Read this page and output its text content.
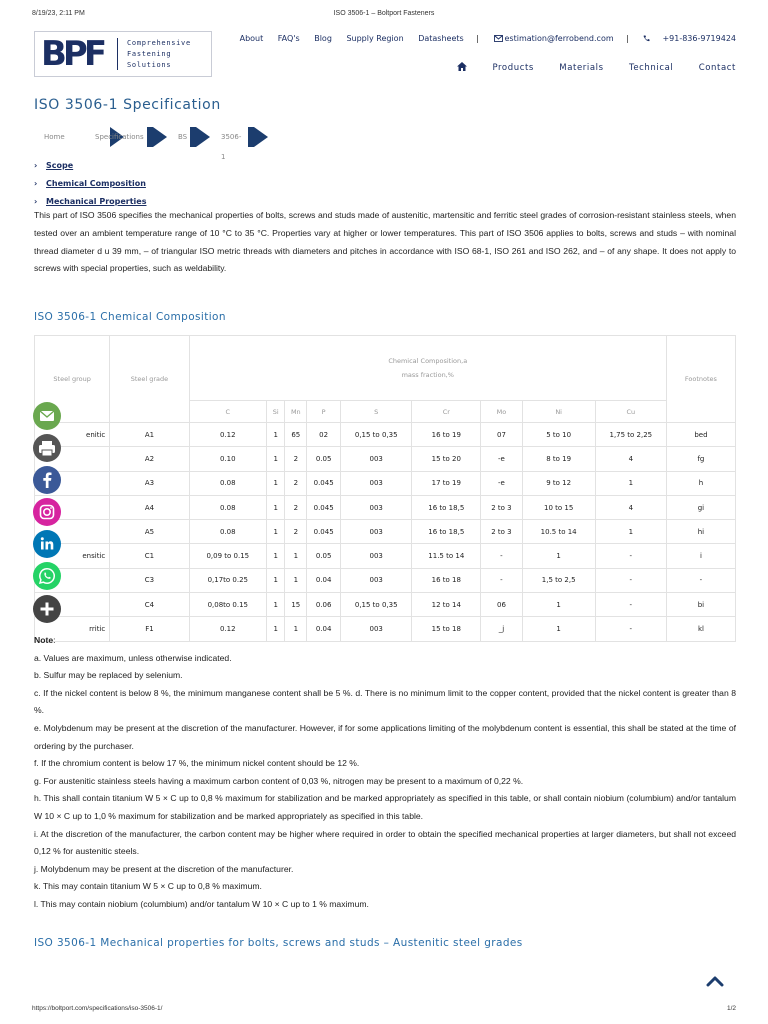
8/19/23, 2:11 PM	ISO 3506-1 – Boltport Fasteners
BPF	Comprehensive
Fastening
Solutions
About FAQ's Blog Supply Region Datasheets |	estimation@ferrobend.com |	+91-836-9719424
Products	Materials	Technical	Contact
ISO 3506-1 Specification
Home	Specifications	BS	3506-1
› Scope
› Chemical Composition
› Mechanical Properties

This part of ISO 3506 specifies the mechanical properties of bolts, screws and studs made of austenitic, martensitic and ferritic steel grades of corrosion-resistant stainless steels, when tested over an ambient temperature range of 10 °C to 35 °C. Properties vary at higher or lower temperatures. This part of ISO 3506 applies to bolts, screws and studs – with nominal thread diameter d u 39 mm, – of triangular ISO metric threads with diameters and pitches in accordance with ISO 68-1, ISO 261 and ISO 262, and – of any shape. It does not apply to screws with special properties, such as weldability.

ISO 3506-1 Chemical Composition
Steel group	Steel grade	Chemical Composition,a
mass fraction,%									Footnotes
		C	Si	Mn	P	S	Cr	Mo	Ni	Cu	
enitic	A1	0.12	1	65	02	0,15 to 0,35	16 to 19	07	5 to 10	1,75 to 2,25	bed
	A2	0.10	1	2	0.05	003	15 to 20	-e	8 to 19	4	fg
	A3	0.08	1	2	0.045	003	17 to 19	-e	9 to 12	1	h
	A4	0.08	1	2	0.045	003	16 to 18,5	2 to 3	10 to 15	4	gi
	A5	0.08	1	2	0.045	003	16 to 18,5	2 to 3	10.5 to 14	1	hi
ensitic	C1	0,09 to 0.15	1	1	0.05	003	11.5 to 14	-	1	-	i
	C3	0,17to 0.25	1	1	0.04	003	16 to 18	-	1,5 to 2,5	-	-
	C4	0,08to 0.15	1	15	0.06	0,15 to 0,35	12 to 14	06	1	-	bi
rritic	F1	0.12	1	1	0.04	003	15 to 18	_j	1	-	kl
Note:
a. Values are maximum, unless otherwise indicated.
b. Sulfur may be replaced by selenium.
c. If the nickel content is below 8 %, the minimum manganese content shall be 5 %. d. There is no minimum limit to the copper content, provided that the nickel content is greater than 8 %.
e. Molybdenum may be present at the discretion of the manufacturer. However, if for some applications limiting of the molybdenum content is essential, this shall be stated at the time of ordering by the purchaser.
f. If the chromium content is below 17 %, the minimum nickel content should be 12 %.
g. For austenitic stainless steels having a maximum carbon content of 0,03 %, nitrogen may be present to a maximum of 0,22 %.
h. This shall contain titanium W 5 × C up to 0,8 % maximum for stabilization and be marked appropriately as specified in this table, or shall contain niobium (columbium) and/or tantalum W 10 × C up to 1,0 % maximum for stabilization and be marked appropriately as specified in this table.
i. At the discretion of the manufacturer, the carbon content may be higher where required in order to obtain the specified mechanical properties at larger diameters, but shall not exceed 0,12 % for austenitic steels.
j. Molybdenum may be present at the discretion of the manufacturer.
k. This may contain titanium W 5 × C up to 0,8 % maximum.
l. This may contain niobium (columbium) and/or tantalum W 10 × C up to 1 % maximum.
ISO 3506-1 Mechanical properties for bolts, screws and studs – Austenitic steel grades
https://boltport.com/specifications/iso-3506-1/	1/2
